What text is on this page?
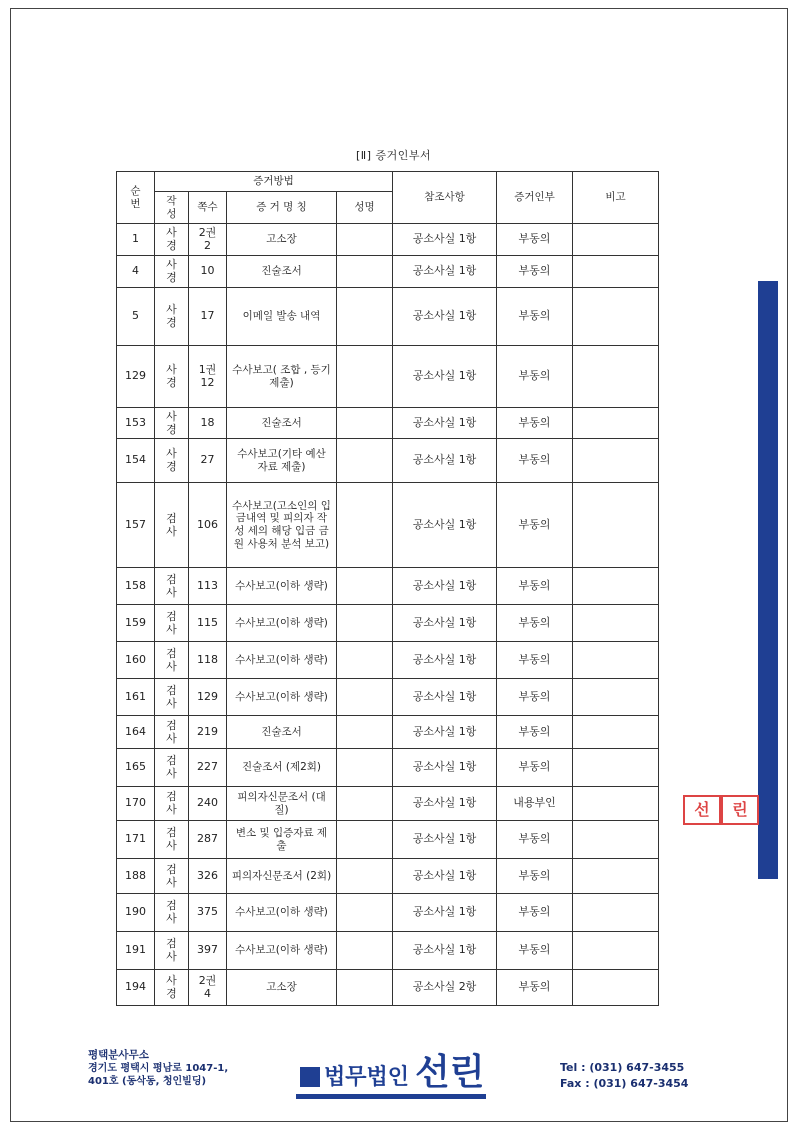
[Ⅱ] 증거인부서
순번	증거방법				참조사항	증거인부	비고
	작성	쪽수	증 거 명 칭	성명			
1	사경	2권 2	고소장		공소사실 1항	부동의	
4	사경	10	진술조서		공소사실 1항	부동의	
5	사경	17	이메일 발송 내역		공소사실 1항	부동의	
129	사경	1권 12	수사보고( 조합 , 등기제출)		공소사실 1항	부동의	
153	사경	18	진술조서		공소사실 1항	부동의	
154	사경	27	수사보고(기타 예산 자료 제출)		공소사실 1항	부동의	
157	검사	106	수사보고(고소인의 입금내역 및 피의자 작성 세의 해당 입금 금원 사용처 분석 보고)		공소사실 1항	부동의	
158	검사	113	수사보고(이하 생략)		공소사실 1항	부동의	
159	검사	115	수사보고(이하 생략)		공소사실 1항	부동의	
160	검사	118	수사보고(이하 생략)		공소사실 1항	부동의	
161	검사	129	수사보고(이하 생략)		공소사실 1항	부동의	
164	검사	219	진술조서		공소사실 1항	부동의	
165	검사	227	진술조서 (제2회)		공소사실 1항	부동의	
170	검사	240	피의자신문조서 (대질)		공소사실 1항	내용부인	
171	검사	287	변소 및 입증자료 제출		공소사실 1항	부동의	
188	검사	326	피의자신문조서 (2회)		공소사실 1항	부동의	
190	검사	375	수사보고(이하 생략)		공소사실 1항	부동의	
191	검사	397	수사보고(이하 생략)		공소사실 1항	부동의	
194	사경	2권 4	고소장		공소사실 2항	부동의	
선	린
평택분사무소
경기도 평택시 평남로 1047-1,
401호 (동삭동, 청인빌딩)	법무법인 선린	Tel : (031) 647-3455
Fax : (031) 647-3454
